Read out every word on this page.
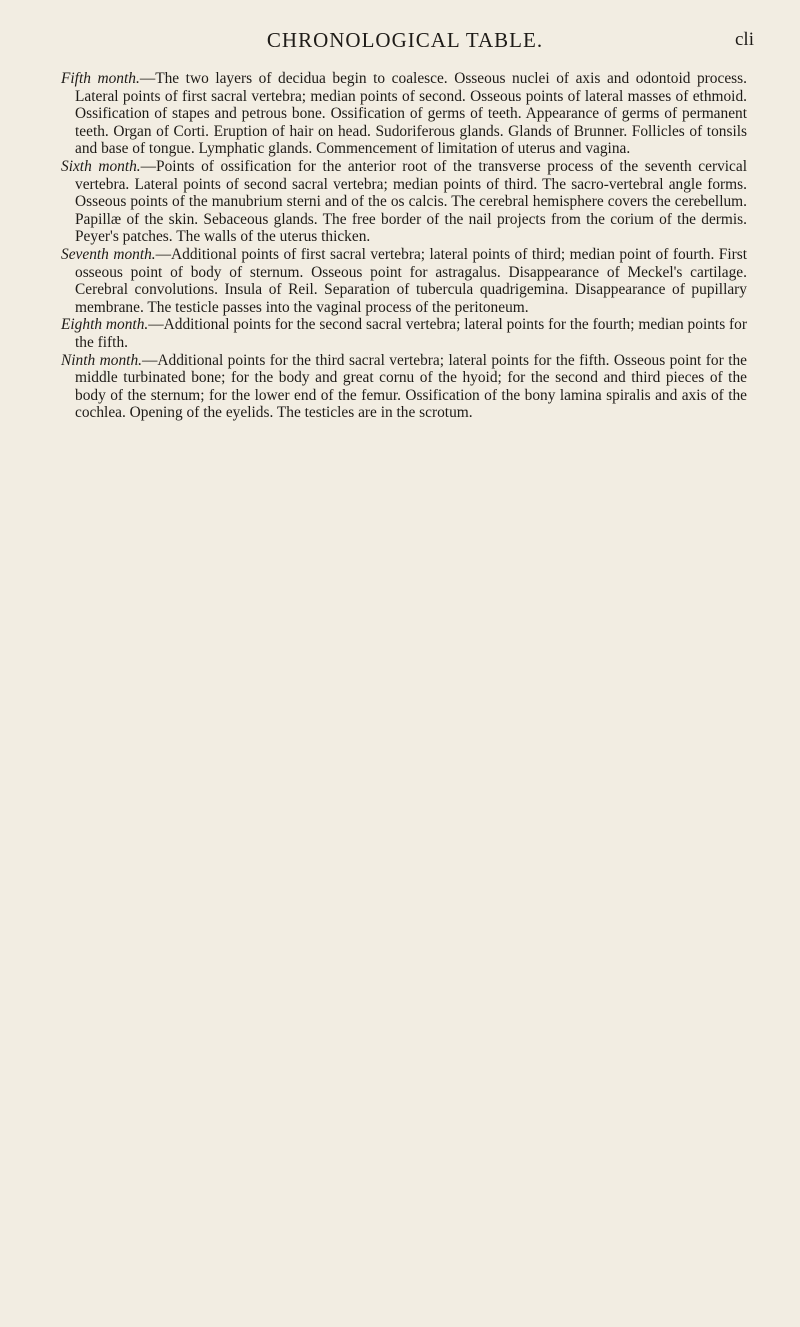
CHRONOLOGICAL TABLE.	cli

Fifth month.—The two layers of decidua begin to coalesce. Osseous nuclei of axis and odontoid process. Lateral points of first sacral vertebra; median points of second. Osseous points of lateral masses of ethmoid. Ossification of stapes and petrous bone. Ossification of germs of teeth. Appearance of germs of permanent teeth. Organ of Corti. Eruption of hair on head. Sudoriferous glands. Glands of Brunner. Follicles of tonsils and base of tongue. Lymphatic glands. Commencement of limitation of uterus and vagina.

Sixth month.—Points of ossification for the anterior root of the transverse process of the seventh cervical vertebra. Lateral points of second sacral vertebra; median points of third. The sacro-vertebral angle forms. Osseous points of the manubrium sterni and of the os calcis. The cerebral hemisphere covers the cerebellum. Papillæ of the skin. Sebaceous glands. The free border of the nail projects from the corium of the dermis. Peyer's patches. The walls of the uterus thicken.

Seventh month.—Additional points of first sacral vertebra; lateral points of third; median point of fourth. First osseous point of body of sternum. Osseous point for astragalus. Disappearance of Meckel's cartilage. Cerebral convolutions. Insula of Reil. Separation of tubercula quadrigemina. Disappearance of pupillary membrane. The testicle passes into the vaginal process of the peritoneum.

Eighth month.—Additional points for the second sacral vertebra; lateral points for the fourth; median points for the fifth.

Ninth month.—Additional points for the third sacral vertebra; lateral points for the fifth. Osseous point for the middle turbinated bone; for the body and great cornu of the hyoid; for the second and third pieces of the body of the sternum; for the lower end of the femur. Ossification of the bony lamina spiralis and axis of the cochlea. Opening of the eyelids. The testicles are in the scrotum.
